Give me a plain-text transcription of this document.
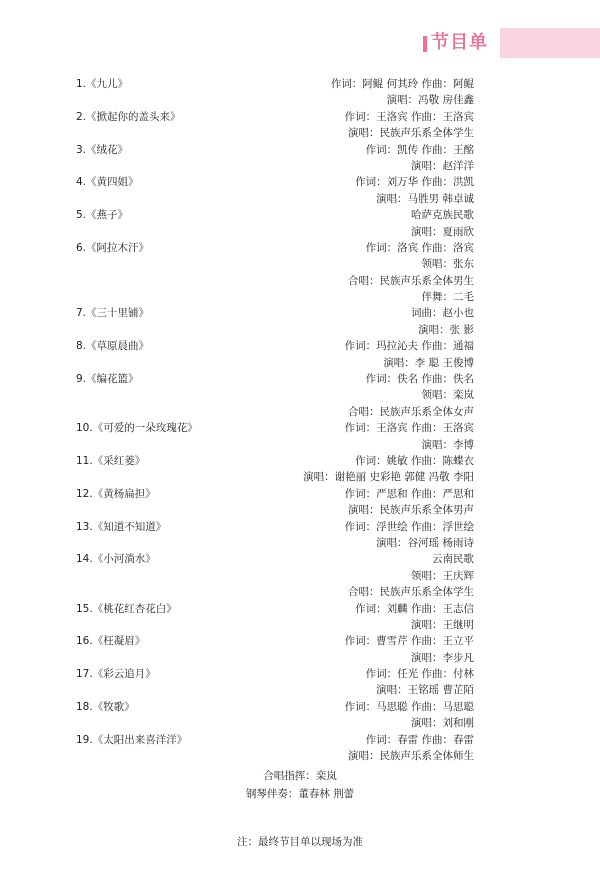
节目单
1.《九儿》	作词：阿鲲 何其玲 作曲：阿鲲
演唱：冯敬 房佳鑫
2.《掀起你的盖头来》	作词：王洛宾 作曲：王洛宾
演唱：民族声乐系全体学生
3.《绒花》	作词：凯传 作曲：王酩
演唱：赵洋洋
4.《黄四姐》	作词：刘万华 作曲：洪凯
演唱：马胜男 韩卓诚
5.《燕子》	哈萨克族民歌
演唱：夏雨欣
6.《阿拉木汗》	作词：洛宾 作曲：洛宾
领唱：张东
合唱：民族声乐系全体男生
伴舞：二毛
7.《三十里铺》	词曲：赵小也
演唱：张 影
8.《草原晨曲》	作词：玛拉沁夫 作曲：通福
演唱：李 聪 王俊博
9.《编花篮》	作词：佚名 作曲：佚名
领唱：栾岚
合唱：民族声乐系全体女声
10.《可爱的一朵玫瑰花》	作词：王洛宾 作曲：王洛宾
演唱：李博
11.《采红菱》	作词：姚敏 作曲：陈蝶衣
演唱：谢艳丽 史彩艳 郭健 冯敬 李阳
12.《黄杨扁担》	作词：严思和 作曲：严思和
演唱：民族声乐系全体男声
13.《知道不知道》	作词：浮世绘 作曲：浮世绘
演唱：谷河瑶 杨雨诗
14.《小河淌水》	云南民歌
领唱：王庆辉
合唱：民族声乐系全体学生
15.《桃花红杏花白》	作词：刘麟 作曲：王志信
演唱：王继明
16.《枉凝眉》	作词：曹雪芹 作曲：王立平
演唱：李步凡
17.《彩云追月》	作词：任光 作曲：付林
演唱：王铭瑶 曹芷陌
18.《牧歌》	作词：马思聪 作曲：马思聪
演唱：刘和刚
19.《太阳出来喜洋洋》	作词：春雷 作曲：春雷
演唱：民族声乐系全体师生
合唱指挥：栾岚
钢琴伴奏：董春林 荆蕾
注：最终节目单以现场为准
